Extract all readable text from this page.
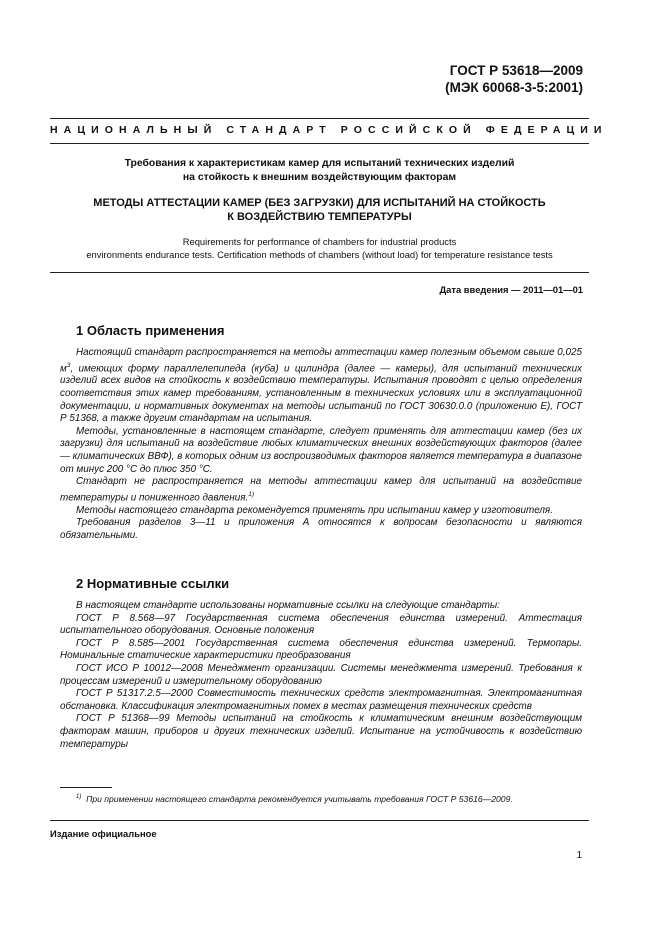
ГОСТ Р 53618—2009
(МЭК 60068-3-5:2001)
НАЦИОНАЛЬНЫЙ СТАНДАРТ РОССИЙСКОЙ ФЕДЕРАЦИИ
Требования к характеристикам камер для испытаний технических изделий
на стойкость к внешним воздействующим факторам
МЕТОДЫ АТТЕСТАЦИИ КАМЕР (БЕЗ ЗАГРУЗКИ) ДЛЯ ИСПЫТАНИЙ НА СТОЙКОСТЬ
К ВОЗДЕЙСТВИЮ ТЕМПЕРАТУРЫ
Requirements for performance of chambers for industrial products
environments endurance tests. Certification methods of chambers (without load) for temperature resistance tests
Дата введения — 2011—01—01
1 Область применения

Настоящий стандарт распространяется на методы аттестации камер полезным объемом свыше 0,025 $м^3$, имеющих форму параллелепипеда (куба) и цилиндра (далее — камеры), для испытаний технических изделий всех видов на стойкость к воздействию температуры. Испытания проводят с целью определения соответствия этих камер требованиям, установленным в технических условиях или в эксплуатационной документации, и нормативных документах на методы испытаний по ГОСТ 30630.0.0 (приложению Е), ГОСТ Р 51368, а также другим стандартам на испытания.

Методы, установленные в настоящем стандарте, следует применять для аттестации камер (без их загрузки) для испытаний на воздействие любых климатических внешних воздействующих факторов (далее — климатических ВВФ), в которых одним из воспроизводимых факторов является температура в диапазоне от минус 200 °С до плюс 350 °С.

Стандарт не распространяется на методы аттестации камер для испытаний на воздействие температуры и пониженного давления.$^{1)}$

Методы настоящего стандарта рекомендуется применять при испытании камер у изготовителя.

Требования разделов 3—11 и приложения А относятся к вопросам безопасности и являются обязательными.

2 Нормативные ссылки

В настоящем стандарте использованы нормативные ссылки на следующие стандарты:

ГОСТ Р 8.568—97 Государственная система обеспечения единства измерений. Аттестация испытательного оборудования. Основные положения

ГОСТ Р 8.585—2001 Государственная система обеспечения единства измерений. Термопары. Номинальные статические характеристики преобразования

ГОСТ ИСО Р 10012—2008 Менеджмент организации. Системы менеджмента измерений. Требования к процессам измерений и измерительному оборудованию

ГОСТ Р 51317.2.5—2000 Совместимость технических средств электромагнитная. Электромагнитная обстановка. Классификация электромагнитных помех в местах размещения технических средств

ГОСТ Р 51368—99 Методы испытаний на стойкость к климатическим внешним воздействующим факторам машин, приборов и других технических изделий. Испытание на устойчивость к воздействию температуры

$^{1)}$ При применении настоящего стандарта рекомендуется учитывать требования ГОСТ Р 53616—2009.
Издание официальное
1
